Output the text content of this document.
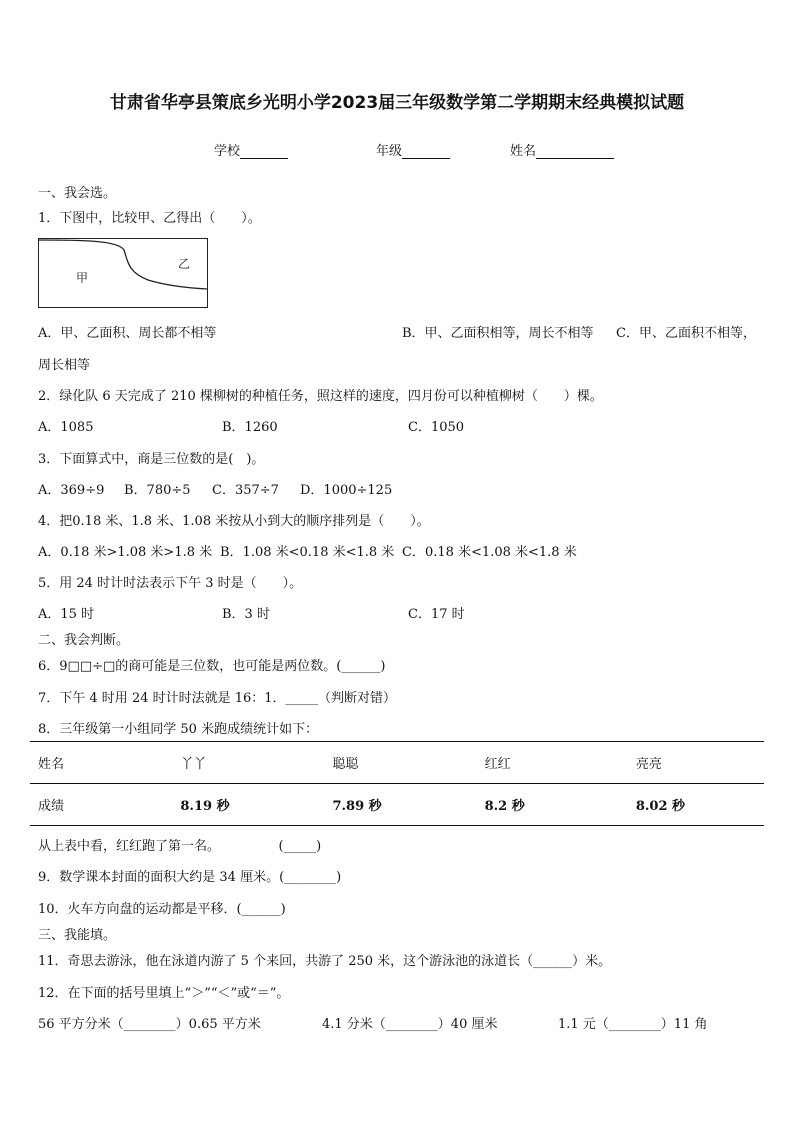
甘肃省华亭县策底乡光明小学2023届三年级数学第二学期期末经典模拟试题
学校	年级	姓名
一、我会选。
1．下图中，比较甲、乙得出（　　）。
甲
乙
A．甲、乙面积、周长都不相等	B．甲、乙面积相等，周长不相等 C．甲、乙面积不相等，
周长相等
2．绿化队 6 天完成了 210 棵柳树的种植任务，照这样的速度，四月份可以种植柳树（　　）棵。
A．1085	B．1260	C．1050
3．下面算式中，商是三位数的是(　)。
A．369÷9 B．780÷5 C．357÷7 D．1000÷125
4．把0.18 米、1.8 米、1.08 米按从小到大的顺序排列是（　　）。
A．0.18 米>1.08 米>1.8 米 B．1.08 米<0.18 米<1.8 米 C．0.18 米<1.08 米<1.8 米
5．用 24 时计时法表示下午 3 时是（　　）。
A．15 时	B．3 时	C．17 时
二、我会判断。
6．9□□÷□的商可能是三位数，也可能是两位数。(______)
7．下午 4 时用 24 时计时法就是 16：1．_____（判断对错）
8．三年级第一小组同学 50 米跑成绩统计如下：
姓名	丫丫	聪聪	红红	亮亮
成绩	8.19 秒	7.89 秒	8.2 秒	8.02 秒
从上表中看，红红跑了第一名。　　　　　(_____)
9．数学课本封面的面积大约是 34 厘米。(________)
10．火车方向盘的运动都是平移．(______)
三、我能填。
11．奇思去游泳，他在泳道内游了 5 个来回，共游了 250 米，这个游泳池的泳道长（______）米。
12．在下面的括号里填上“＞”“＜”或“＝”。
56 平方分米（________）0.65 平方米	4.1 分米（________）40 厘米	1.1 元（________）11 角
